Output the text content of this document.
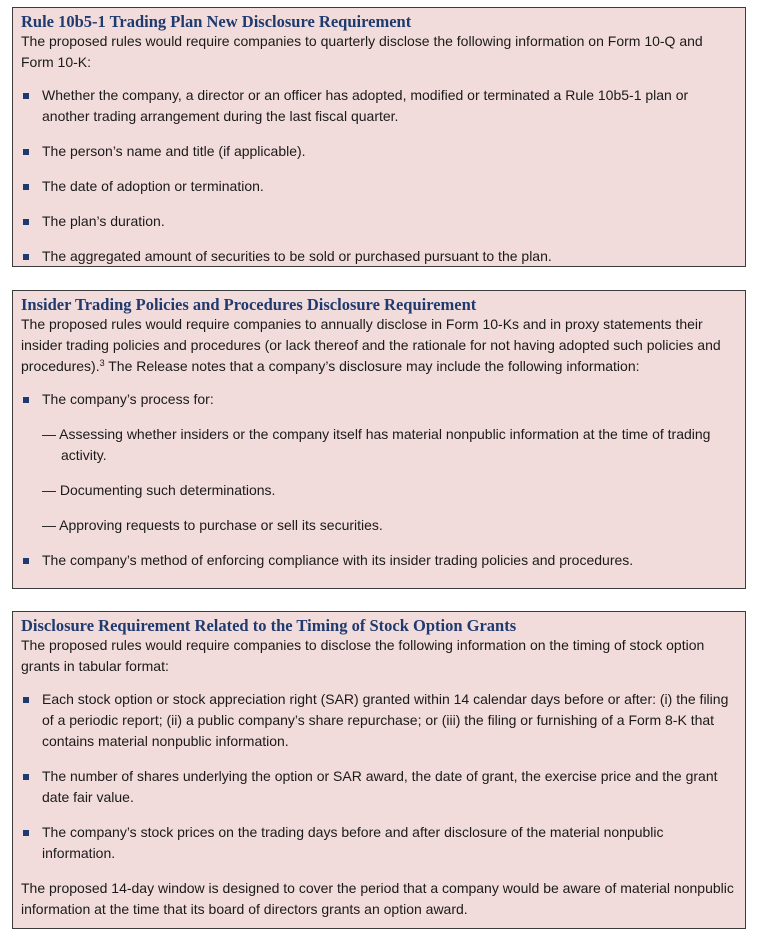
Rule 10b5-1 Trading Plan New Disclosure Requirement

The proposed rules would require companies to quarterly disclose the following information on Form 10-Q and Form 10-K:

Whether the company, a director or an officer has adopted, modified or terminated a Rule 10b5-1 plan or another trading arrangement during the last fiscal quarter.
The person’s name and title (if applicable).
The date of adoption or termination.
The plan’s duration.
The aggregated amount of securities to be sold or purchased pursuant to the plan.
Insider Trading Policies and Procedures Disclosure Requirement

The proposed rules would require companies to annually disclose in Form 10-Ks and in proxy statements their insider trading policies and procedures (or lack thereof and the rationale for not having adopted such policies and procedures).$^3$ The Release notes that a company’s disclosure may include the following information:

The company’s process for:
— Assessing whether insiders or the company itself has material nonpublic information at the time of trading activity.
— Documenting such determinations.
— Approving requests to purchase or sell its securities.
The company’s method of enforcing compliance with its insider trading policies and procedures.
Disclosure Requirement Related to the Timing of Stock Option Grants

The proposed rules would require companies to disclose the following information on the timing of stock option grants in tabular format:

Each stock option or stock appreciation right (SAR) granted within 14 calendar days before or after: (i) the filing of a periodic report; (ii) a public company’s share repurchase; or (iii) the filing or furnishing of a Form 8-K that contains material nonpublic information.
The number of shares underlying the option or SAR award, the date of grant, the exercise price and the grant date fair value.
The company’s stock prices on the trading days before and after disclosure of the material nonpublic information.

The proposed 14-day window is designed to cover the period that a company would be aware of material nonpublic information at the time that its board of directors grants an option award.
